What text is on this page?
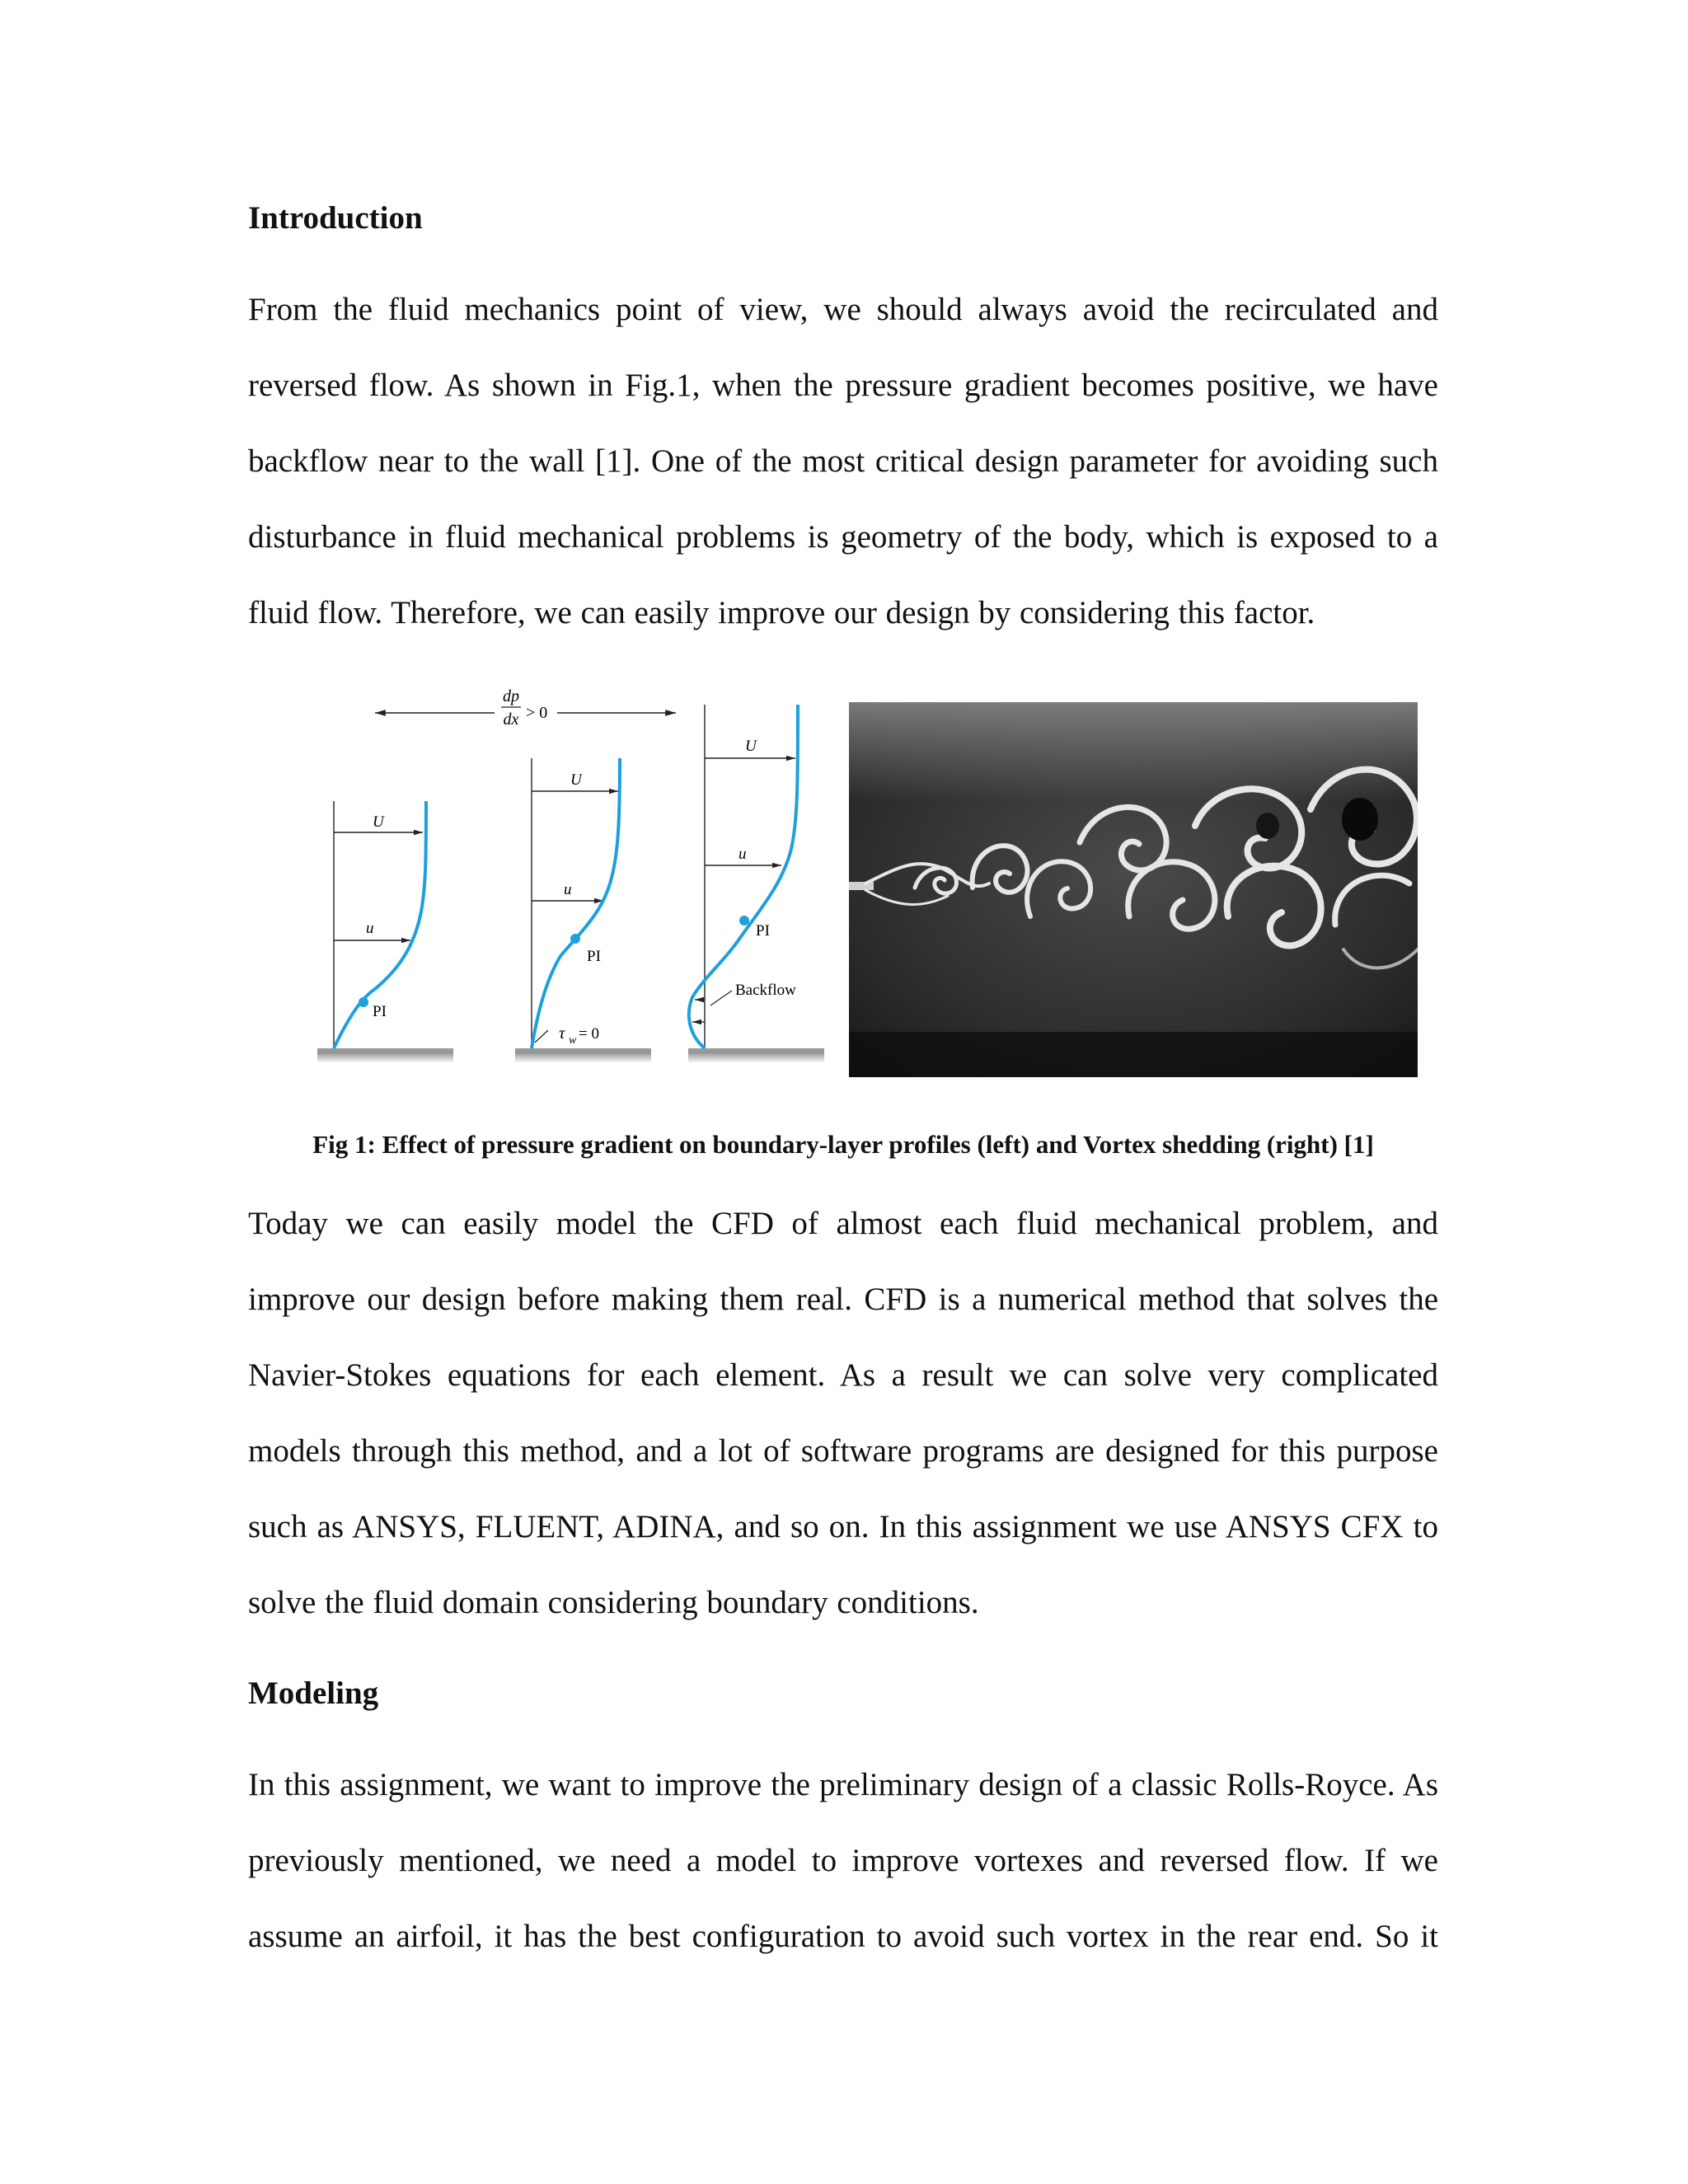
Introduction

From the fluid mechanics point of view, we should always avoid the recirculated and reversed flow. As shown in Fig.1, when the pressure gradient becomes positive, we have backflow near to the wall [1]. One of the most critical design parameter for avoiding such disturbance in fluid mechanical problems is geometry of the body, which is exposed to a fluid flow. Therefore, we can easily improve our design by considering this factor.

dp
dx > 0
U
u
PI
U
u
PI
τ w = 0
U
u
PI
Backflow
Fig 1: Effect of pressure gradient on boundary-layer profiles (left) and Vortex shedding (right) [1]

Today we can easily model the CFD of almost each fluid mechanical problem, and improve our design before making them real. CFD is a numerical method that solves the Navier-Stokes equations for each element. As a result we can solve very complicated models through this method, and a lot of software programs are designed for this purpose such as ANSYS, FLUENT, ADINA, and so on. In this assignment we use ANSYS CFX to solve the fluid domain considering boundary conditions.

Modeling

In this assignment, we want to improve the preliminary design of a classic Rolls-Royce. As previously mentioned, we need a model to improve vortexes and reversed flow. If we assume an airfoil, it has the best configuration to avoid such vortex in the rear end. So it
